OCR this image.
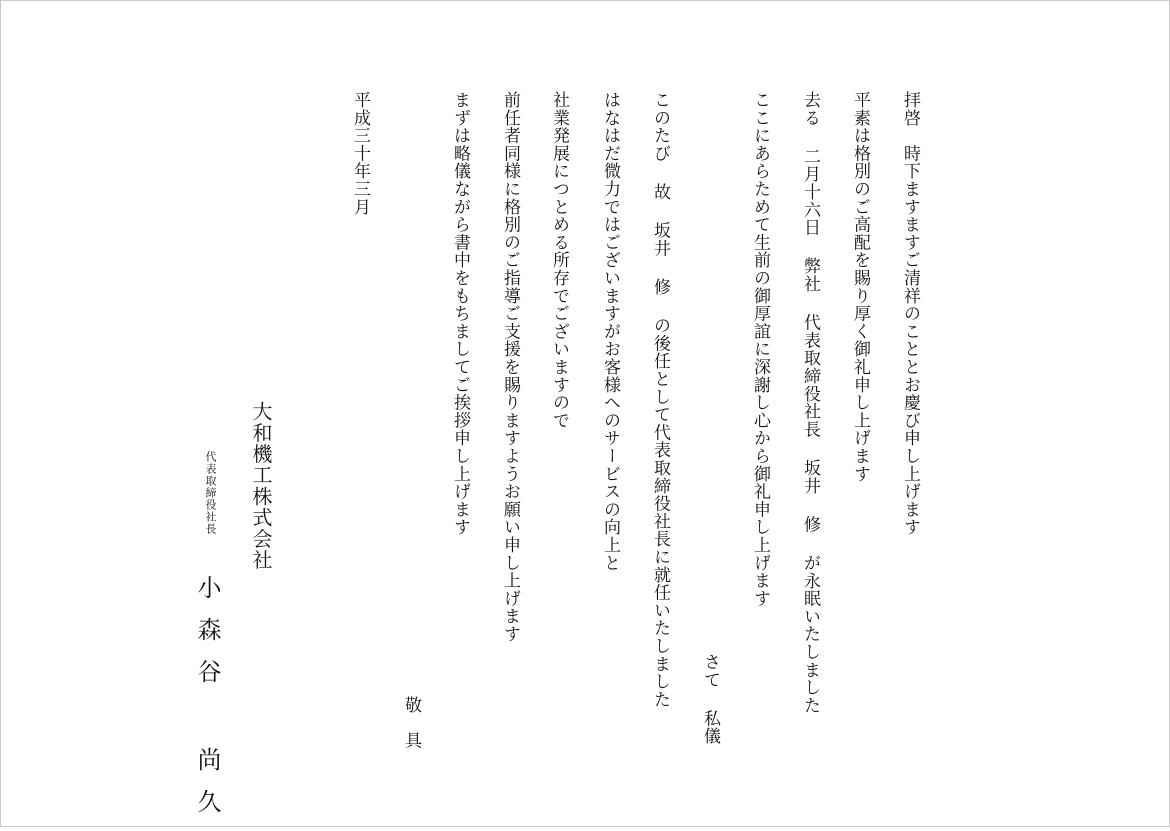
拝啓　時下ますますご清祥のこととお慶び申し上げます
平素は格別のご高配を賜り厚く御礼申し上げます
去る 二月十六日 弊社 代表取締役社長 坂井 修 が永眠いたしました
ここにあらためて生前の御厚誼に深謝し心から御礼申し上げます
さて 私儀
このたび 故 坂井 修 の後任として代表取締役社長に就任いたしました
はなはだ微力ではございますがお客様へのサービスの向上と
社業発展につとめる所存でございますので
前任者同様に格別のご指導ご支援を賜りますようお願い申し上げます
まずは略儀ながら書中をもちましてご挨拶申し上げます
敬　具
平成三十年三月
大和機工株式会社
代表取締役社長
小森谷 尚久
